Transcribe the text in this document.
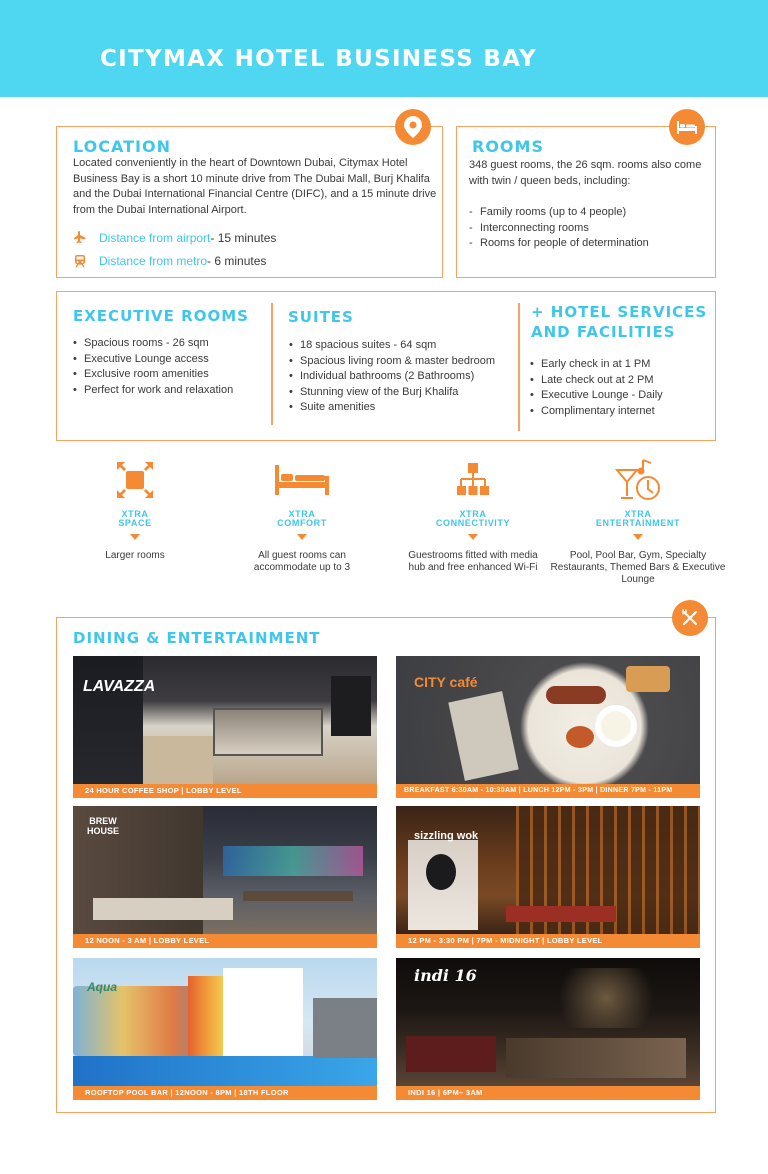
CITYMAX HOTEL BUSINESS BAY
LOCATION
Located conveniently in the heart of Downtown Dubai, Citymax Hotel Business Bay is a short 10 minute drive from The Dubai Mall, Burj Khalifa and the Dubai International Financial Centre (DIFC), and a 15 minute drive from the Dubai International Airport.
Distance from airport - 15 minutes
Distance from metro - 6 minutes
ROOMS
348 guest rooms, the 26 sqm. rooms also come with twin / queen beds, including:
- Family rooms (up to 4 people)
- Interconnecting rooms
- Rooms for people of determination
EXECUTIVE ROOMS
• Spacious rooms - 26 sqm
• Executive Lounge access
• Exclusive room amenities
• Perfect for work and relaxation
SUITES
• 18 spacious suites - 64 sqm
• Spacious living room & master bedroom
• Individual bathrooms (2 Bathrooms)
• Stunning view of the Burj Khalifa
• Suite amenities
+ HOTEL SERVICES
AND FACILITIES
• Early check in at 1 PM
• Late check out at 2 PM
• Executive Lounge - Daily
• Complimentary internet
XTRA
SPACE
Larger rooms
XTRA
COMFORT
All guest rooms can accommodate up to 3
XTRA
CONNECTIVITY
Guestrooms fitted with media hub and free enhanced Wi-Fi
XTRA
ENTERTAINMENT
Pool, Pool Bar, Gym, Specialty Restaurants, Themed Bars & Executive Lounge
DINING & ENTERTAINMENT
LAVAZZA
24 HOUR COFFEE SHOP | LOBBY LEVEL
CITY café
BREAKFAST 6:30AM - 10:30AM | LUNCH 12PM - 3PM | DINNER 7PM - 11PM
BREW HOUSE
12 NOON - 3 AM | LOBBY LEVEL
sizzling wok
12 PM - 3:30 PM | 7PM - MIDNIGHT | LOBBY LEVEL
Aqua
ROOFTOP POOL BAR | 12NOON - 8PM | 18TH FLOOR
indi 16
INDI 16 | 6PM– 3AM
